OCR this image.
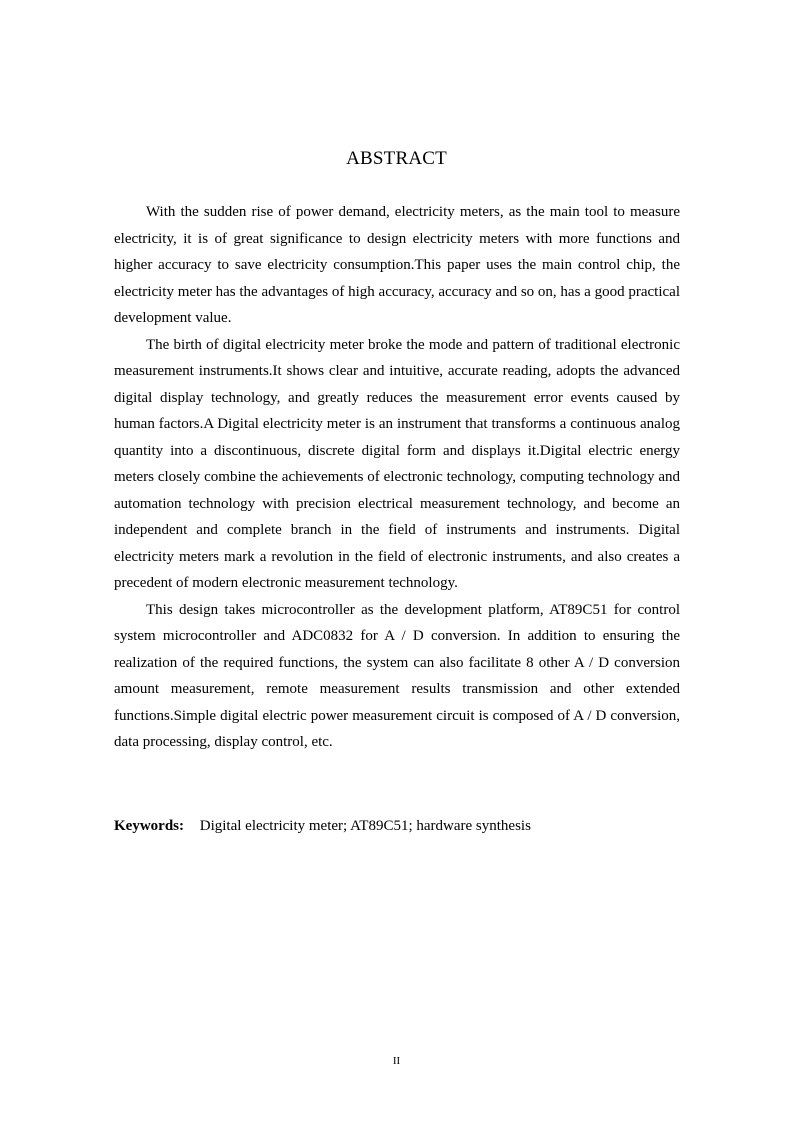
ABSTRACT

With the sudden rise of power demand, electricity meters, as the main tool to measure electricity, it is of great significance to design electricity meters with more functions and higher accuracy to save electricity consumption.This paper uses the main control chip, the electricity meter has the advantages of high accuracy, accuracy and so on, has a good practical development value.

The birth of digital electricity meter broke the mode and pattern of traditional electronic measurement instruments.It shows clear and intuitive, accurate reading, adopts the advanced digital display technology, and greatly reduces the measurement error events caused by human factors.A Digital electricity meter is an instrument that transforms a continuous analog quantity into a discontinuous, discrete digital form and displays it.Digital electric energy meters closely combine the achievements of electronic technology, computing technology and automation technology with precision electrical measurement technology, and become an independent and complete branch in the field of instruments and instruments. Digital electricity meters mark a revolution in the field of electronic instruments, and also creates a precedent of modern electronic measurement technology.

This design takes microcontroller as the development platform, AT89C51 for control system microcontroller and ADC0832 for A / D conversion. In addition to ensuring the realization of the required functions, the system can also facilitate 8 other A / D conversion amount measurement, remote measurement results transmission and other extended functions.Simple digital electric power measurement circuit is composed of A / D conversion, data processing, display control, etc.

Keywords: Digital electricity meter; AT89C51; hardware synthesis
II
